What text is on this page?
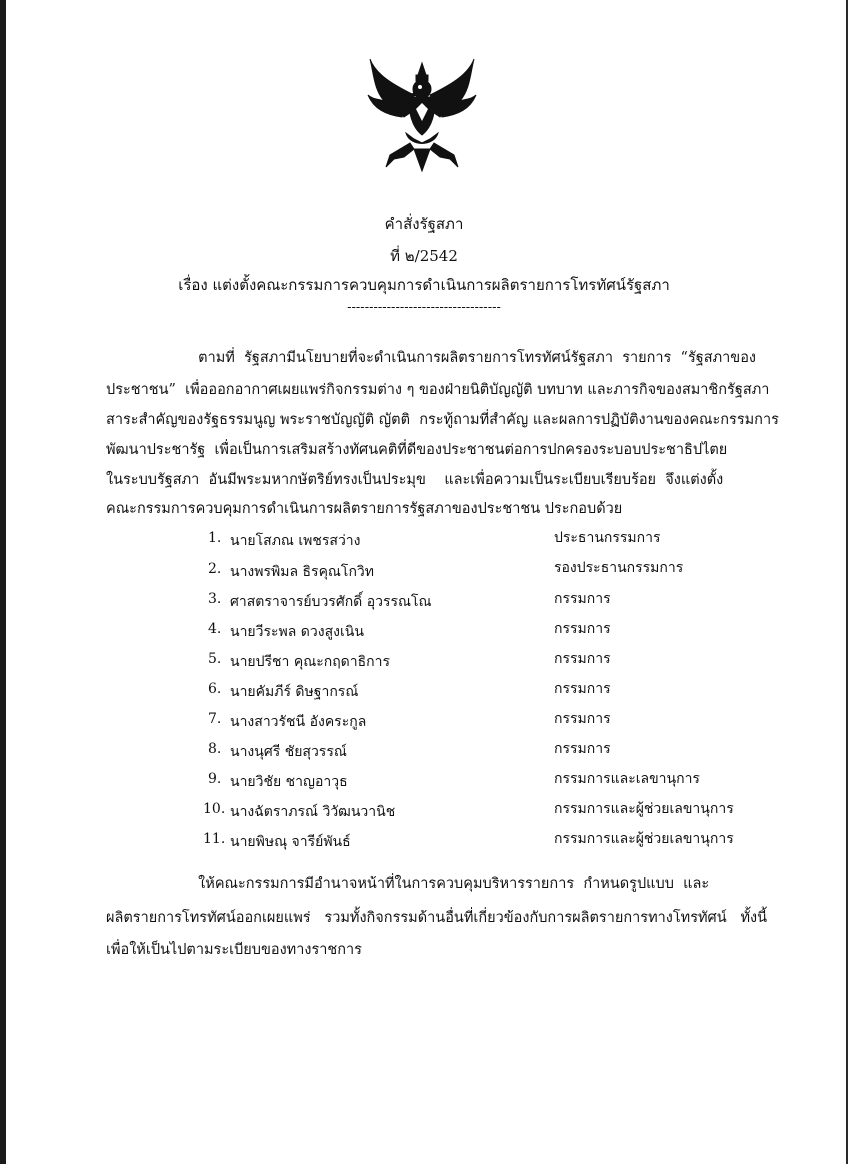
คำสั่งรัฐสภา
ที่ ๒/2542
เรื่อง แต่งตั้งคณะกรรมการควบคุมการดำเนินการผลิตรายการโทรทัศน์รัฐสภา
-----------------------------------
ตามที่  รัฐสภามีนโยบายที่จะดำเนินการผลิตรายการโทรทัศน์รัฐสภา  รายการ  “รัฐสภาของ
ประชาชน”  เพื่อออกอากาศเผยแพร่กิจกรรมต่าง ๆ ของฝ่ายนิติบัญญัติ บทบาท และภารกิจของสมาชิกรัฐสภา
สาระสำคัญของรัฐธรรมนูญ พระราชบัญญัติ ญัตติ  กระทู้ถามที่สำคัญ และผลการปฏิบัติงานของคณะกรรมการ
พัฒนาประชารัฐ  เพื่อเป็นการเสริมสร้างทัศนคติที่ดีของประชาชนต่อการปกครองระบอบประชาธิปไตย
ในระบบรัฐสภา  อันมีพระมหากษัตริย์ทรงเป็นประมุข    และเพื่อความเป็นระเบียบเรียบร้อย  จึงแต่งตั้ง
คณะกรรมการควบคุมการดำเนินการผลิตรายการรัฐสภาของประชาชน ประกอบด้วย
1. นายโสภณ เพชรสว่าง	ประธานกรรมการ
2. นางพรพิมล ธิรคุณโกวิท	รองประธานกรรมการ
3. ศาสตราจารย์บวรศักดิ์ อุวรรณโณ	กรรมการ
4. นายวีระพล ดวงสูงเนิน	กรรมการ
5. นายปรีชา คุณะกฤดาธิการ	กรรมการ
6. นายคัมภีร์ ดิษฐากรณ์	กรรมการ
7. นางสาวรัชนี อังคระกูล	กรรมการ
8. นางนุศรี ชัยสุวรรณ์	กรรมการ
9. นายวิชัย ชาญอาวุธ	กรรมการและเลขานุการ
10. นางฉัตราภรณ์ วิวัฒนวานิช	กรรมการและผู้ช่วยเลขานุการ
11. นายพิษณุ จารีย์พันธ์	กรรมการและผู้ช่วยเลขานุการ
ให้คณะกรรมการมีอำนาจหน้าที่ในการควบคุมบริหารรายการ  กำหนดรูปแบบ  และ
ผลิตรายการโทรทัศน์ออกเผยแพร่   รวมทั้งกิจกรรมด้านอื่นที่เกี่ยวข้องกับการผลิตรายการทางโทรทัศน์   ทั้งนี้
เพื่อให้เป็นไปตามระเบียบของทางราชการ
